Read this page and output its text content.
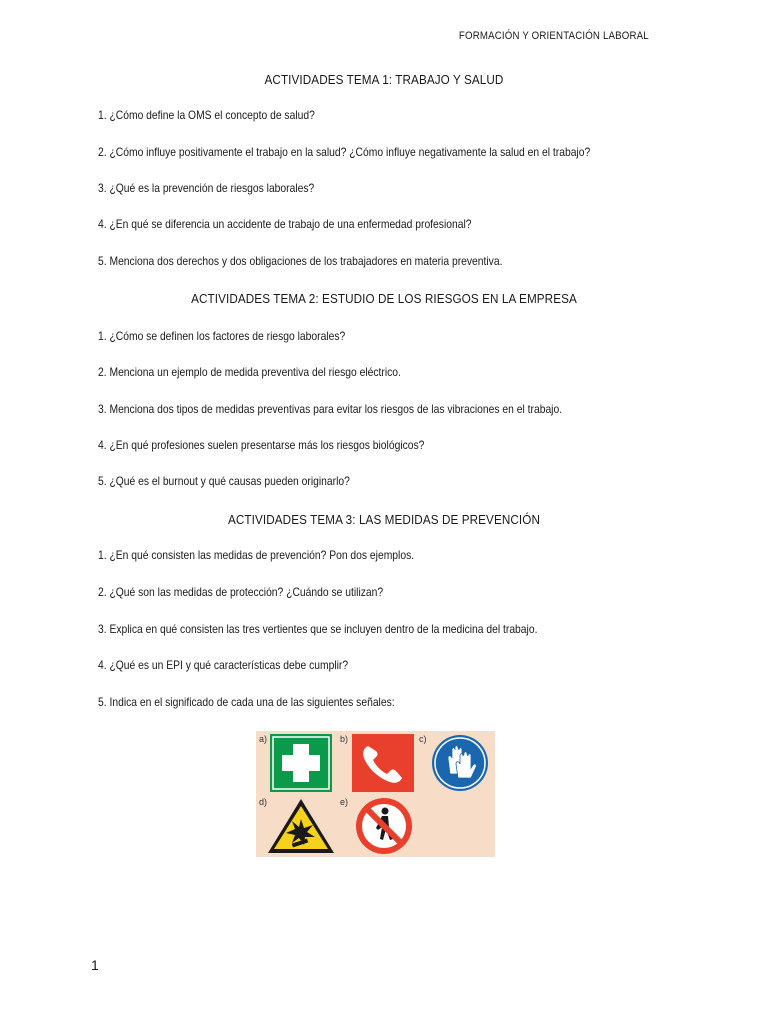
FORMACIÓN Y ORIENTACIÓN LABORAL
ACTIVIDADES TEMA 1: TRABAJO Y SALUD
1. ¿Cómo define la OMS el concepto de salud?
2. ¿Cómo influye positivamente el trabajo en la salud? ¿Cómo influye negativamente la salud en el trabajo?
3. ¿Qué es la prevención de riesgos laborales?
4. ¿En qué se diferencia un accidente de trabajo de una enfermedad profesional?
5. Menciona dos derechos y dos obligaciones de los trabajadores en materia preventiva.
ACTIVIDADES TEMA 2: ESTUDIO DE LOS RIESGOS EN LA EMPRESA
1. ¿Cómo se definen los factores de riesgo laborales?
2. Menciona un ejemplo de medida preventiva del riesgo eléctrico.
3. Menciona dos tipos de medidas preventivas para evitar los riesgos de las vibraciones en el trabajo.
4. ¿En qué profesiones suelen presentarse más los riesgos biológicos?
5. ¿Qué es el burnout y qué causas pueden originarlo?
ACTIVIDADES TEMA 3: LAS MEDIDAS DE PREVENCIÓN
1. ¿En qué consisten las medidas de prevención? Pon dos ejemplos.
2. ¿Qué son las medidas de protección? ¿Cuándo se utilizan?
3. Explica en qué consisten las tres vertientes que se incluyen dentro de la medicina del trabajo.
4. ¿Qué es un EPI y qué características debe cumplir?
5. Indica en el significado de cada una de las siguientes señales:
a)	b)	c)
d)	e)
1
